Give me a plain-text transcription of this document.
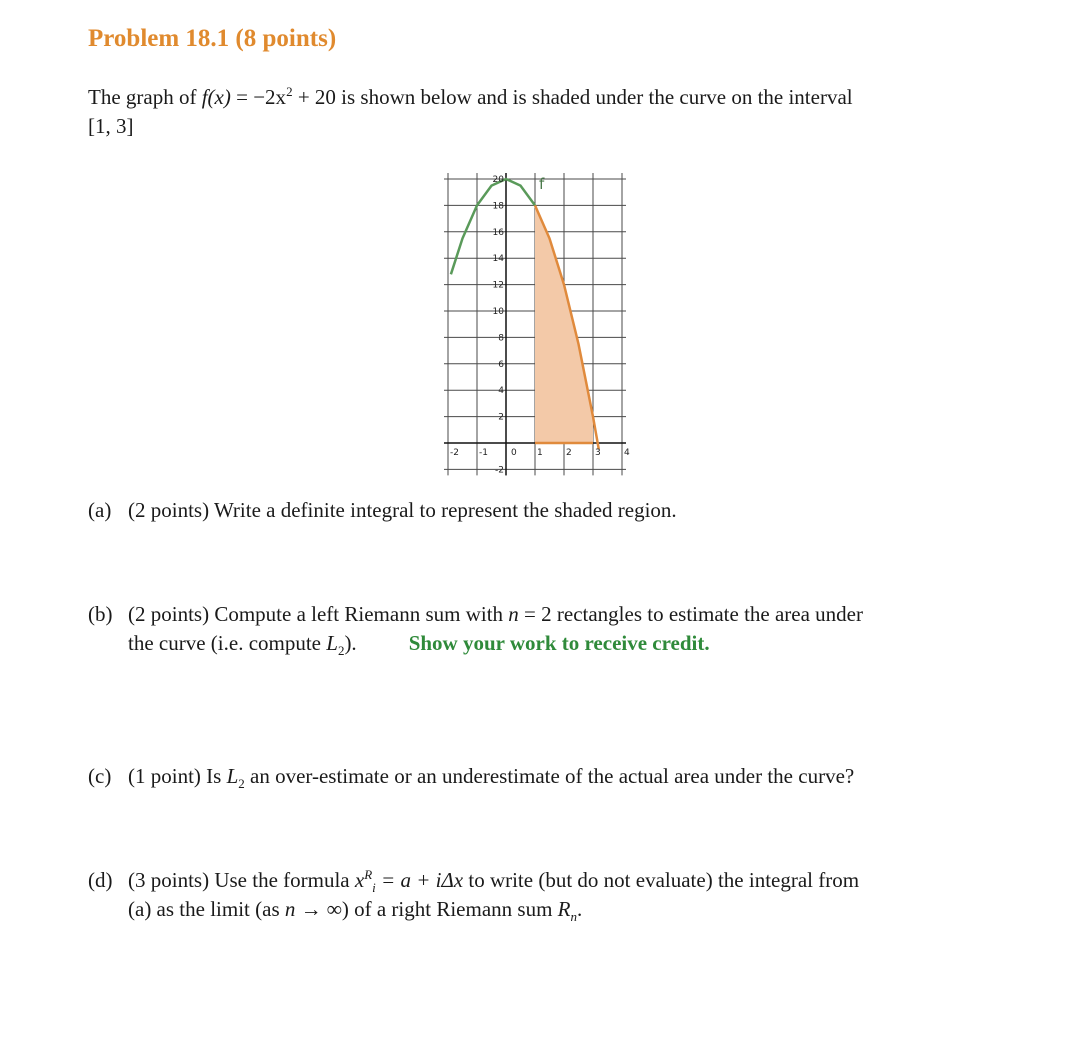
Problem 18.1 (8 points)

The graph of $f(x) = -2x^2 + 20$ is shown below and is shaded under the curve on the interval
[1, 3]

-2 -1	0 1	2	3	4
20
18
16
14
12
10
8
6
4
2
-2
f
(a) (2 points) Write a definite integral to represent the shaded region.
(b) (2 points) Compute a left Riemann sum with n = 2 rectangles to estimate the area under
the curve (i.e. compute $L_2$). Show your work to receive credit.
(c) (1 point) Is $L_2$ an over-estimate or an underestimate of the actual area under the curve?
(d) (3 points) Use the formula $x^R_i = a + i\Delta x$ to write (but do not evaluate) the integral from
(a) as the limit (as n → ∞) of a right Riemann sum $R_n$.
